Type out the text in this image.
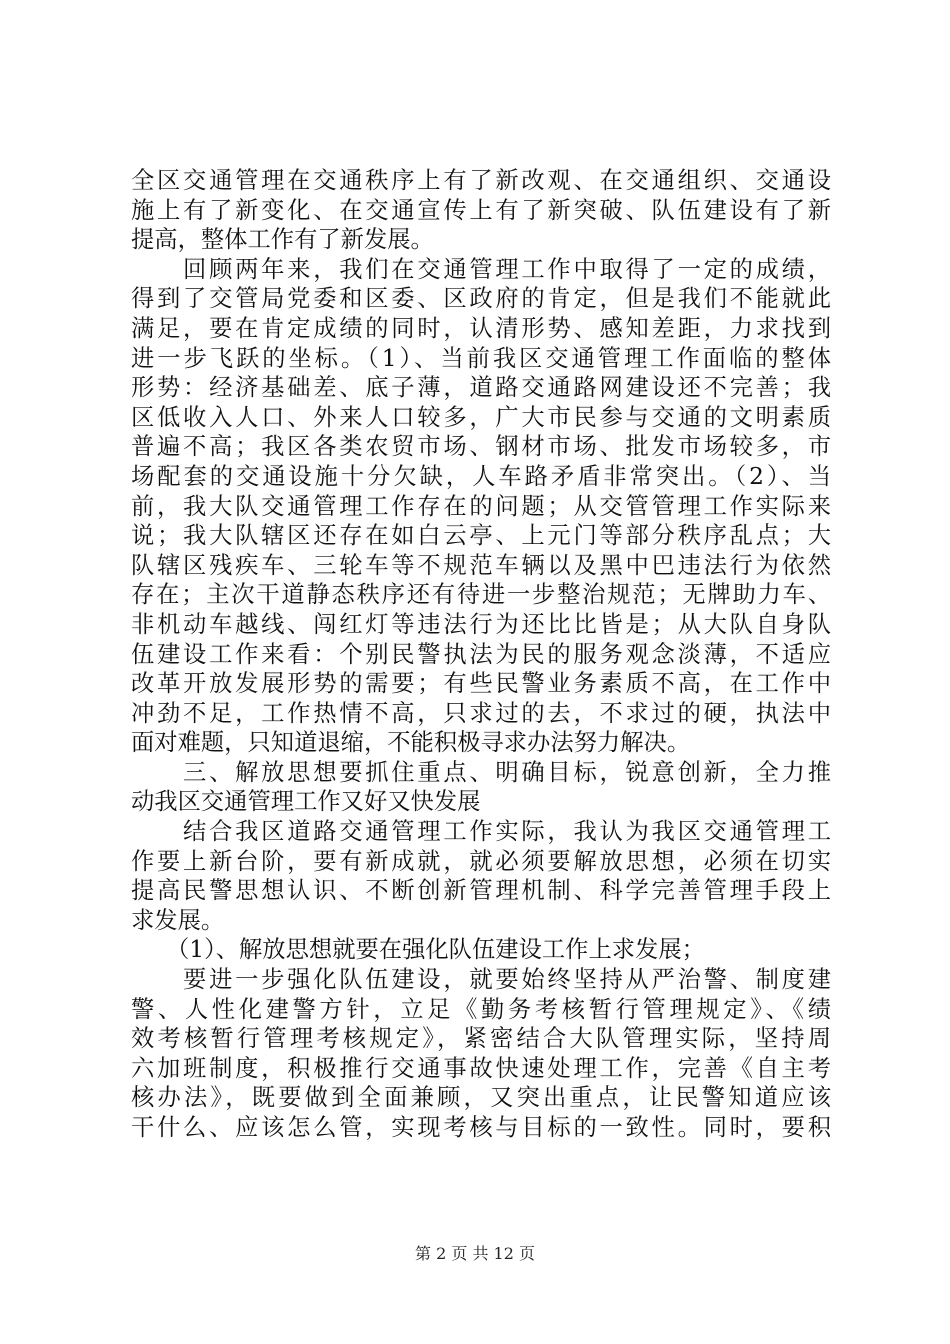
全区交通管理在交通秩序上有了新改观、在交通组织、交通设
施上有了新变化、在交通宣传上有了新突破、队伍建设有了新
提高，整体工作有了新发展。
　　回顾两年来，我们在交通管理工作中取得了一定的成绩，
得到了交管局党委和区委、区政府的肯定，但是我们不能就此
满足，要在肯定成绩的同时，认清形势、感知差距，力求找到
进一步飞跃的坐标。（1）、当前我区交通管理工作面临的整体
形势：经济基础差、底子薄，道路交通路网建设还不完善；我
区低收入人口、外来人口较多，广大市民参与交通的文明素质
普遍不高；我区各类农贸市场、钢材市场、批发市场较多，市
场配套的交通设施十分欠缺，人车路矛盾非常突出。（2）、当
前，我大队交通管理工作存在的问题；从交管管理工作实际来
说；我大队辖区还存在如白云亭、上元门等部分秩序乱点；大
队辖区残疾车、三轮车等不规范车辆以及黑中巴违法行为依然
存在；主次干道静态秩序还有待进一步整治规范；无牌助力车、
非机动车越线、闯红灯等违法行为还比比皆是；从大队自身队
伍建设工作来看：个别民警执法为民的服务观念淡薄，不适应
改革开放发展形势的需要；有些民警业务素质不高，在工作中
冲劲不足，工作热情不高，只求过的去，不求过的硬，执法中
面对难题，只知道退缩，不能积极寻求办法努力解决。
　　三、解放思想要抓住重点、明确目标，锐意创新，全力推
动我区交通管理工作又好又快发展
　　结合我区道路交通管理工作实际，我认为我区交通管理工
作要上新台阶，要有新成就，就必须要解放思想，必须在切实
提高民警思想认识、不断创新管理机制、科学完善管理手段上
求发展。
　　（1）、解放思想就要在强化队伍建设工作上求发展；
　　要进一步强化队伍建设，就要始终坚持从严治警、制度建
警、人性化建警方针，立足《勤务考核暂行管理规定》、《绩
效考核暂行管理考核规定》，紧密结合大队管理实际，坚持周
六加班制度，积极推行交通事故快速处理工作，完善《自主考
核办法》，既要做到全面兼顾，又突出重点，让民警知道应该
干什么、应该怎么管，实现考核与目标的一致性。同时，要积
第 2 页 共 12 页
